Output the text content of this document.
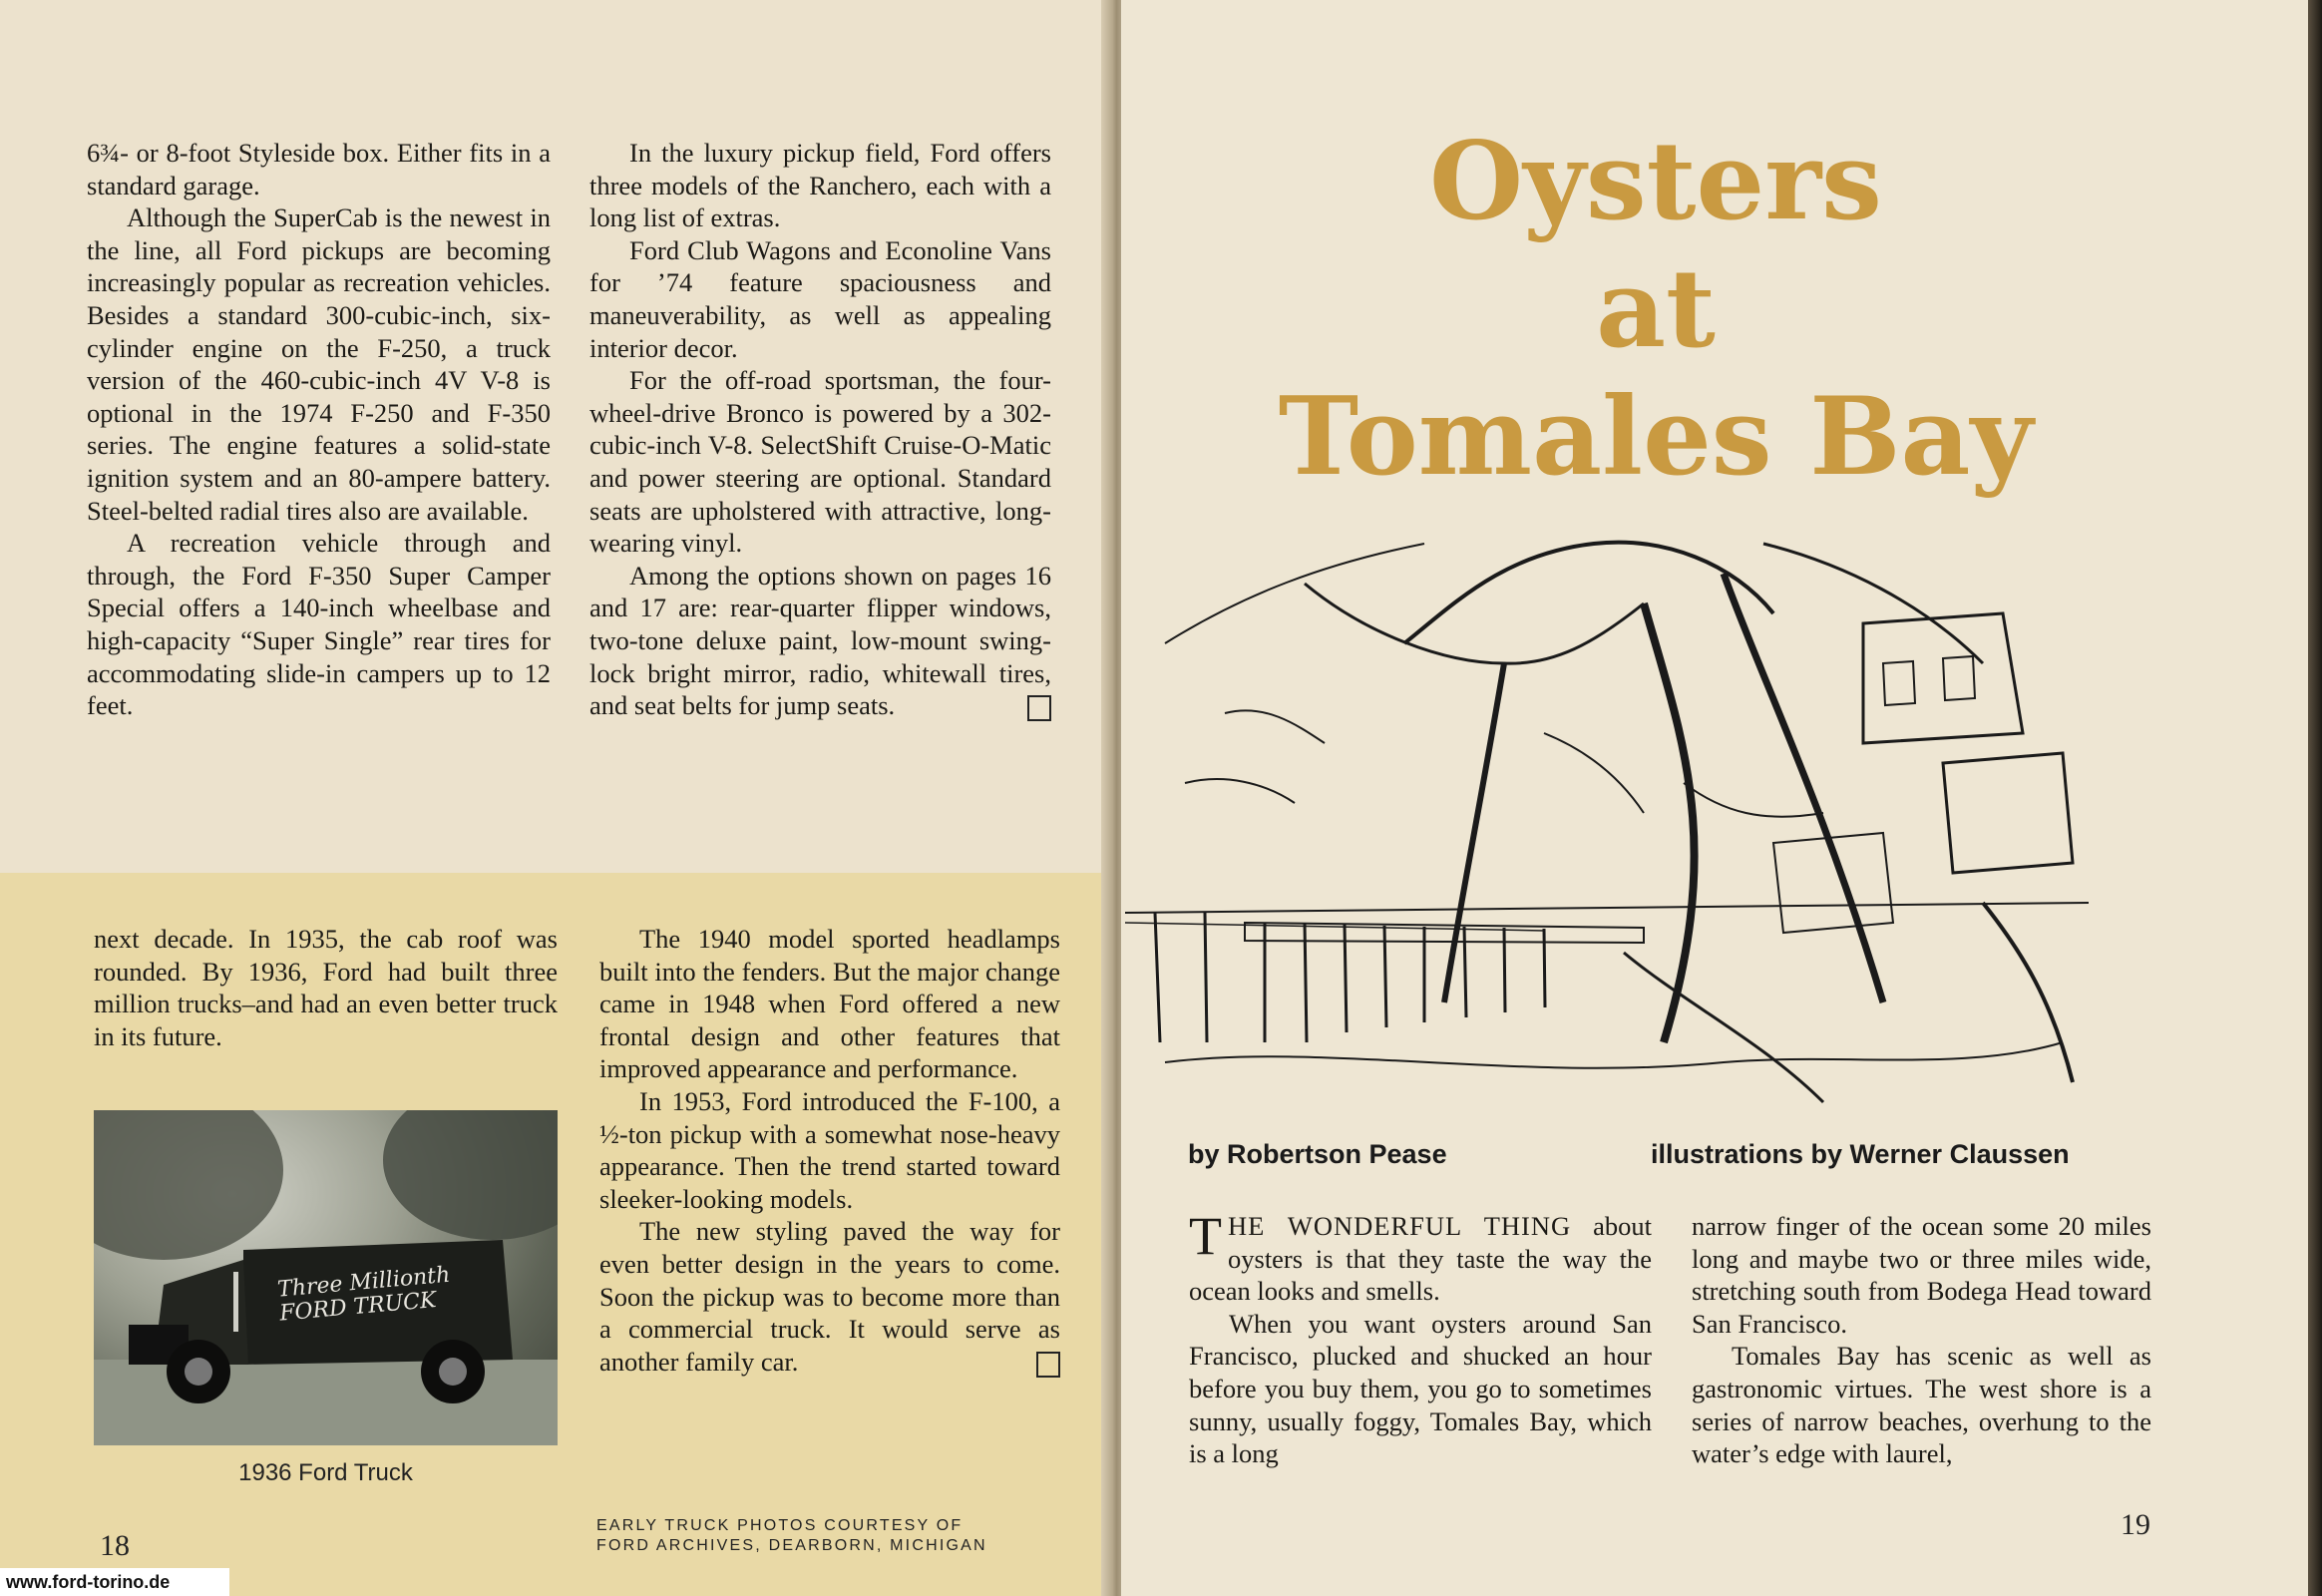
6¾- or 8-foot Styleside box. Either fits in a standard garage.

Although the SuperCab is the newest in the line, all Ford pickups are becoming increasingly popular as recreation vehicles. Besides a standard 300-cubic-inch, six-cylinder engine on the F-250, a truck version of the 460-cubic-inch 4V V-8 is optional in the 1974 F-250 and F-350 series. The engine features a solid-state ignition system and an 80-ampere battery. Steel-belted radial tires also are available.

A recreation vehicle through and through, the Ford F-350 Super Camper Special offers a 140-inch wheelbase and high-capacity “Super Single” rear tires for accommodating slide-in campers up to 12 feet.

In the luxury pickup field, Ford offers three models of the Ranchero, each with a long list of extras.

Ford Club Wagons and Econoline Vans for ’74 feature spaciousness and maneuverability, as well as appealing interior decor.

For the off-road sportsman, the four-wheel-drive Bronco is powered by a 302-cubic-inch V-8. SelectShift Cruise-O-Matic and power steering are optional. Standard seats are upholstered with attractive, long-wearing vinyl.

Among the options shown on pages 16 and 17 are: rear-quarter flipper windows, two-tone deluxe paint, low-mount swing-lock bright mirror, radio, whitewall tires, and seat belts for jump seats.

next decade. In 1935, the cab roof was rounded. By 1936, Ford had built three million trucks–and had an even better truck in its future.

The 1940 model sported headlamps built into the fenders. But the major change came in 1948 when Ford offered a new frontal design and other features that improved appearance and performance.

In 1953, Ford introduced the F-100, a ½-ton pickup with a somewhat nose-heavy appearance. Then the trend started toward sleeker-looking models.

The new styling paved the way for even better design in the years to come. Soon the pickup was to become more than a commercial truck. It would serve as another family car.

Three Millionth FORD TRUCK
1936 Ford Truck
18
EARLY TRUCK PHOTOS COURTESY OF
FORD ARCHIVES, DEARBORN, MICHIGAN
www.ford-torino.de
Oysters
at
Tomales Bay
by Robertson Pease	illustrations by Werner Claussen

THE WONDERFUL THING about oysters is that they taste the way the ocean looks and smells.

When you want oysters around San Francisco, plucked and shucked an hour before you buy them, you go to sometimes sunny, usually foggy, Tomales Bay, which is a long

narrow finger of the ocean some 20 miles long and maybe two or three miles wide, stretching south from Bodega Head toward San Francisco.

Tomales Bay has scenic as well as gastronomic virtues. The west shore is a series of narrow beaches, overhung to the water’s edge with laurel,

19
